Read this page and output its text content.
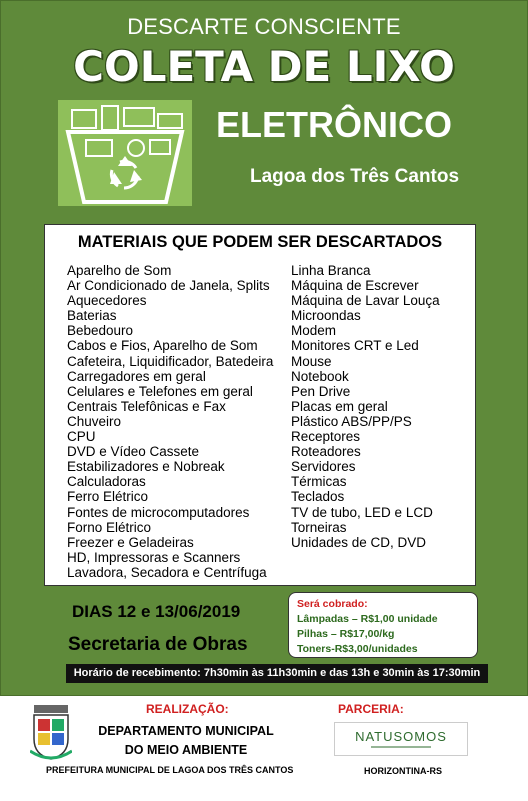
DESCARTE CONSCIENTE
COLETA DE LIXO
ELETRÔNICO
Lagoa dos Três Cantos
MATERIAIS QUE PODEM SER DESCARTADOS
Aparelho de Som
Ar Condicionado de Janela, Splits
Aquecedores
Baterias
Bebedouro
Cabos e Fios, Aparelho de Som
Cafeteira, Liquidificador, Batedeira
Carregadores em geral
Celulares e Telefones em geral
Centrais Telefônicas e Fax
Chuveiro
CPU
DVD e Vídeo Cassete
Estabilizadores e Nobreak
Calculadoras
Ferro Elétrico
Fontes de microcomputadores
Forno Elétrico
Freezer e Geladeiras
HD, Impressoras e Scanners
Lavadora, Secadora e Centrífuga
Linha Branca
Máquina de Escrever
Máquina de Lavar Louça
Microondas
Modem
Monitores CRT e Led
Mouse
Notebook
Pen Drive
Placas em geral
Plástico ABS/PP/PS
Receptores
Roteadores
Servidores
Térmicas
Teclados
TV de tubo, LED e LCD
Torneiras
Unidades de CD, DVD
DIAS 12 e 13/06/2019
Secretaria de Obras
Será cobrado:
Lâmpadas – R$1,00 unidade
Pilhas – R$17,00/kg
Toners-R$3,00/unidades
Horário de recebimento: 7h30min às 11h30min e das 13h e 30min às 17:30min
REALIZAÇÃO:
DEPARTAMENTO MUNICIPAL
DO MEIO AMBIENTE
PREFEITURA MUNICIPAL DE LAGOA DOS TRÊS CANTOS
PARCERIA:
NATUSOMOS
HORIZONTINA-RS
